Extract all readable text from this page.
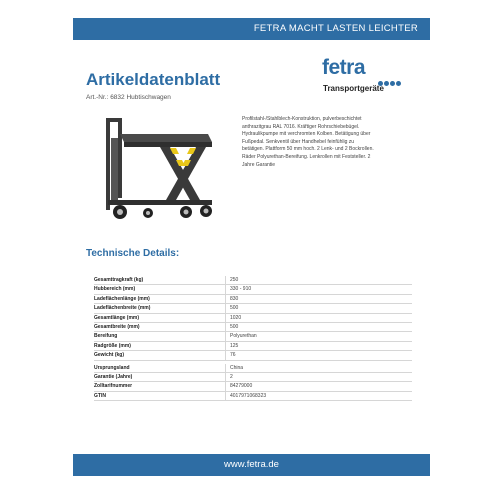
FETRA MACHT LASTEN LEICHTER
Artikeldatenblatt
Art.-Nr.: 6832 Hubtischwagen
fetra
Transportgeräte
Profilstahl-/Stahlblech-Konstruktion, pulverbeschichtet
anthrazitgrau RAL 7016. Kräftiger Rohrschiebebügel.
Hydraulikpumpe mit verchromten Kolben. Betätigung über
Fußpedal. Senkventil über Handhebel feinfühlig zu
betätigen. Plattform 50 mm hoch. 2 Lenk- und 2 Bockrollen.
Räder Polyurethan-Bereifung. Lenkrollen mit Feststeller. 2
Jahre Garantie
Technische Details:
Gesamttragkraft (kg)	250
Hubbereich (mm)	330 - 910
Ladeflächenlänge (mm)	830
Ladeflächenbreite (mm)	500
Gesamtlänge (mm)	1020
Gesamtbreite (mm)	500
Bereifung	Polyurethan
Radgröße (mm)	125
Gewicht (kg)	76
Ursprungsland	China
Garantie (Jahre)	2
Zolltarifnummer	84279000
GTIN	4017971068323
www.fetra.de
